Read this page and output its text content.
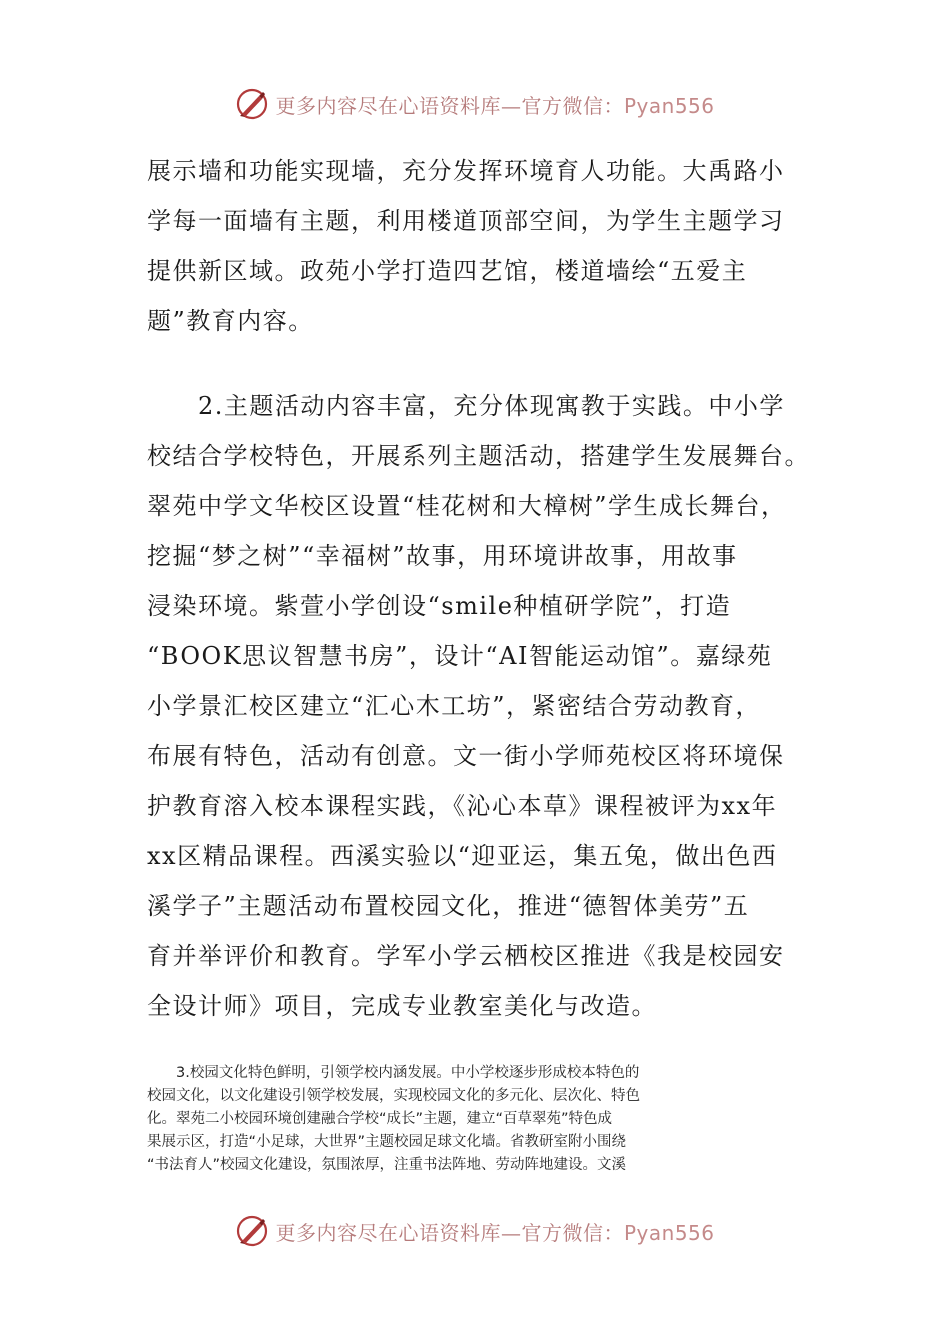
更多内容尽在心语资料库—官方微信：Pyan556
展示墙和功能实现墙，充分发挥环境育人功能。大禹路小
学每一面墙有主题，利用楼道顶部空间，为学生主题学习
提供新区域。政苑小学打造四艺馆，楼道墙绘“五爱主
题”教育内容。
　　2.主题活动内容丰富，充分体现寓教于实践。中小学
校结合学校特色，开展系列主题活动，搭建学生发展舞台。
翠苑中学文华校区设置“桂花树和大樟树”学生成长舞台，
挖掘“梦之树”“幸福树”故事，用环境讲故事，用故事
浸染环境。紫萱小学创设“smile种植研学院”，打造
“BOOK思议智慧书房”，设计“AI智能运动馆”。嘉绿苑
小学景汇校区建立“汇心木工坊”，紧密结合劳动教育，
布展有特色，活动有创意。文一街小学师苑校区将环境保
护教育溶入校本课程实践，《沁心本草》课程被评为xx年
xx区精品课程。西溪实验以“迎亚运，集五兔，做出色西
溪学子”主题活动布置校园文化，推进“德智体美劳”五
育并举评价和教育。学军小学云栖校区推进《我是校园安
全设计师》项目，完成专业教室美化与改造。
　　3.校园文化特色鲜明，引领学校内涵发展。中小学校逐步形成校本特色的
校园文化，以文化建设引领学校发展，实现校园文化的多元化、层次化、特色
化。翠苑二小校园环境创建融合学校“成长”主题，建立“百草翠苑”特色成
果展示区，打造“小足球，大世界”主题校园足球文化墙。省教研室附小围绕
“书法育人”校园文化建设，氛围浓厚，注重书法阵地、劳动阵地建设。文溪
更多内容尽在心语资料库—官方微信：Pyan556
